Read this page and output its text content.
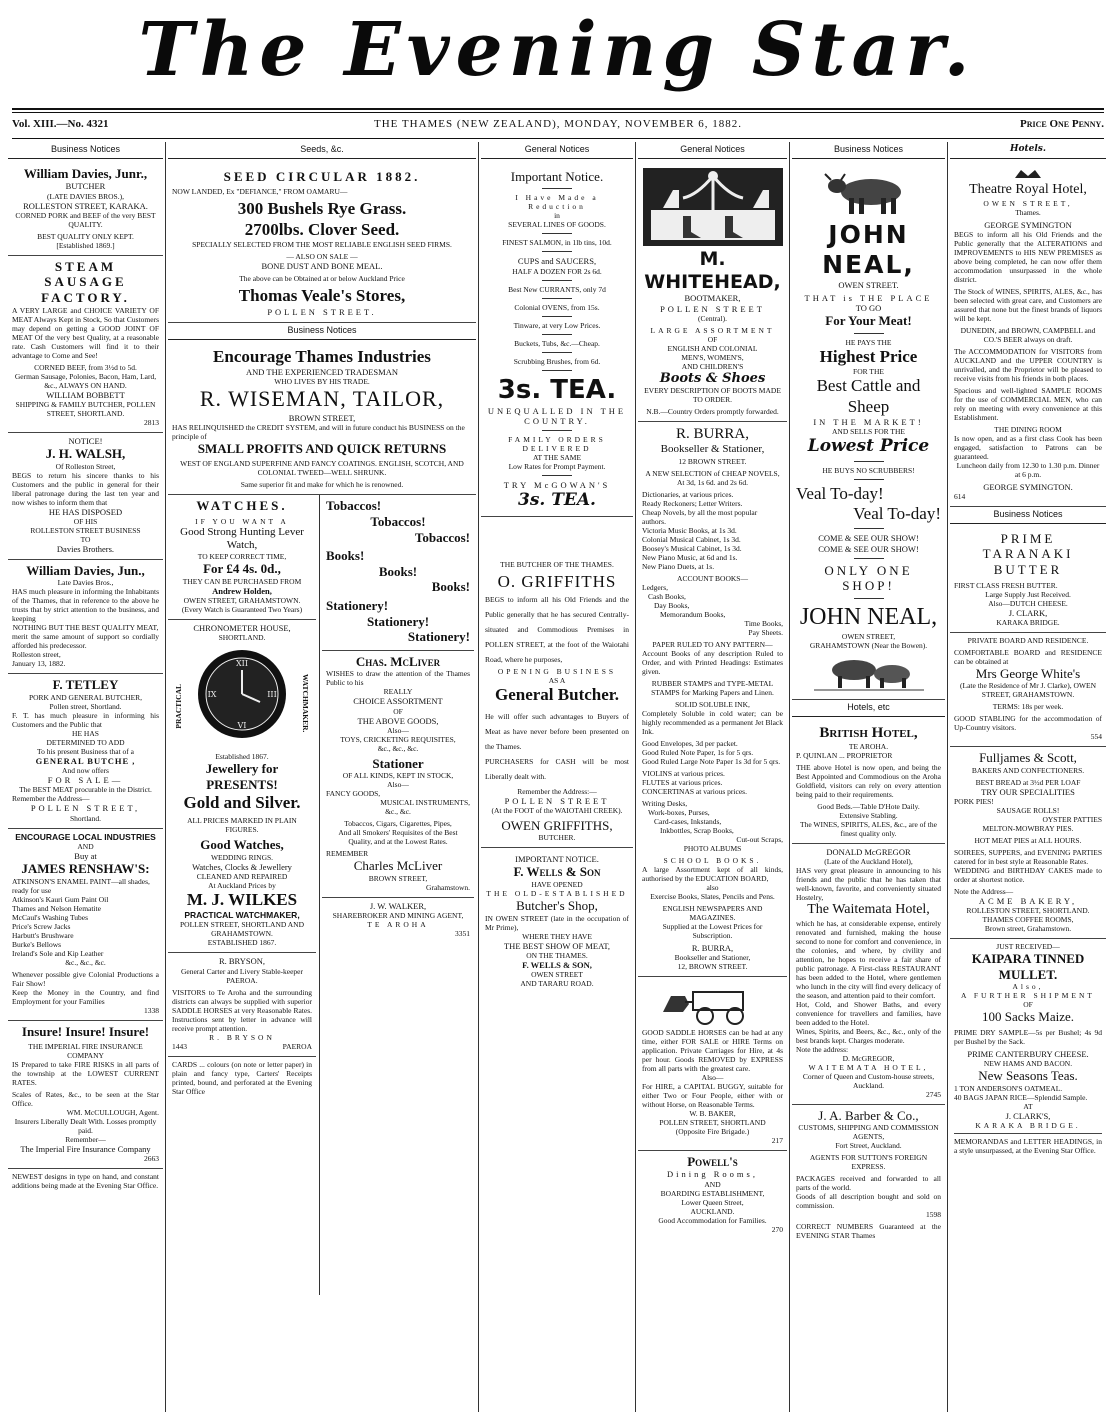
The Evening Star.
Vol. XIII.—No. 4321	THE THAMES (NEW ZEALAND), MONDAY, NOVEMBER 6, 1882.	Price One Penny.
Business Notices
William Davies, Junr.,
BUTCHER
(LATE DAVIES BROS.),
ROLLESTON STREET, KARAKA.
CORNED PORK and BEEF of the very BEST QUALITY.
BEST QUALITY ONLY KEPT.
[Established 1869.]
STEAM SAUSAGE FACTORY.
A VERY LARGE and CHOICE VARIETY OF MEAT Always Kept in Stock, So that Customers may depend on getting a GOOD JOINT OF MEAT Of the very best Quality, at a reasonable rate. Cash Customers will find it to their advantage to Come and See!
CORNED BEEF, from 3½d to 5d.
German Sausage, Polonies, Bacon, Ham, Lard, &c., ALWAYS ON HAND.
WILLIAM BOBBETT
SHIPPING & FAMILY BUTCHER, POLLEN STREET, SHORTLAND.
2813
NOTICE!
J. H. WALSH,
Of Rolleston Street,
BEGS to return his sincere thanks to his Customers and the public in general for their liberal patronage during the last ten year and now wishes to inform them that
HE HAS DISPOSED
OF HIS
ROLLESTON STREET BUSINESS
TO
Davies Brothers.
William Davies, Jun.,
Late Davies Bros.,
HAS much pleasure in informing the Inhabitants of the Thames, that in reference to the above he trusts that by strict attention to the business, and keeping
NOTHING BUT THE BEST QUALITY MEAT,
merit the same amount of support so cordially afforded his predecessor.
Rolleston street,
January 13, 1882.
F. TETLEY
PORK AND GENERAL BUTCHER,
Pollen street, Shortland.
F. T. has much pleasure in informing his Customers and the Public that
HE HAS
DETERMINED TO ADD
To his present Business that of a
GENERAL BUTCHE ,
And now offers
FOR SALE—
The BEST MEAT procurable in the District.
Remember the Address—
POLLEN STREET,
Shortland.
ENCOURAGE LOCAL INDUSTRIES
AND
Buy at
JAMES RENSHAW'S:
ATKINSON'S ENAMEL PAINT—all shades, ready for use
Atkinson's Kauri Gum Paint Oil
Thames and Nelson Hematite
McCaul's Washing Tubes
Price's Screw Jacks
Harbutt's Brushware
Burke's Bellows
Ireland's Sole and Kip Leather
&c., &c., &c.
Whenever possible give Colonial Productions a Fair Show!
Keep the Money in the Country, and find Employment for your Families
1338
Insure! Insure! Insure!
THE IMPERIAL FIRE INSURANCE COMPANY
IS Prepared to take FIRE RISKS in all parts of the township at the LOWEST CURRENT RATES.
Scales of Rates, &c., to be seen at the Star Office.
WM. McCULLOUGH, Agent.
Insurers Liberally Dealt With. Losses promptly paid.
Remember—
The Imperial Fire Insurance Company
2663
NEWEST designs in type on hand, and constant additions being made at the Evening Star Office.
Seeds, &c.
SEED CIRCULAR 1882.
NOW LANDED, Ex "DEFIANCE," FROM OAMARU—
300 Bushels Rye Grass.
2700lbs. Clover Seed.
SPECIALLY SELECTED FROM THE MOST RELIABLE ENGLISH SEED FIRMS.
— ALSO ON SALE —
BONE DUST AND BONE MEAL.
The above can be Obtained at or below Auckland Price
Thomas Veale's Stores,
POLLEN STREET.
Business Notices
Encourage Thames Industries
AND THE EXPERIENCED TRADESMAN
WHO LIVES BY HIS TRADE.
R. WISEMAN, TAILOR,
BROWN STREET,
HAS RELINQUISHED the CREDIT SYSTEM, and will in future conduct his BUSINESS on the principle of
SMALL PROFITS AND QUICK RETURNS
WEST OF ENGLAND SUPERFINE AND FANCY COATINGS. ENGLISH, SCOTCH, AND COLONIAL TWEED—WELL SHRUNK.
Same superior fit and make for which he is renowned.
WATCHES.
IF YOU WANT A
Good Strong Hunting Lever Watch,
TO KEEP CORRECT TIME,
For £4 4s. 0d.,
THEY CAN BE PURCHASED FROM
Andrew Holden,
OWEN STREET, GRAHAMSTOWN.
(Every Watch is Guaranteed Two Years)
CHRONOMETER HOUSE,
SHORTLAND.
PRACTICAL
XII
III
VI
IX	WATCHMAKER.
Established 1867.
Jewellery for PRESENTS!
Gold and Silver.
ALL PRICES MARKED IN PLAIN FIGURES.
Good Watches,
WEDDING RINGS.
Watches, Clocks & Jewellery
CLEANED AND REPAIRED
At Auckland Prices by
M. J. WILKES
PRACTICAL WATCHMAKER,
POLLEN STREET, SHORTLAND AND GRAHAMSTOWN.
ESTABLISHED 1867.
R. BRYSON,
General Carter and Livery Stable-keeper PAEROA.
VISITORS to Te Aroha and the surrounding districts can always be supplied with superior SADDLE HORSES at very Reasonable Rates. Instructions sent by letter in advance will receive prompt attention.
R. BRYSON
1443	PAEROA
CARDS ... colours (on note or letter paper) in plain and fancy type, Carters' Receipts printed, bound, and perforated at the Evening Star Office
Tobaccos!
Tobaccos!
Tobaccos!
Books!
Books!
Books!
Stationery!
Stationery!
Stationery!
Chas. McLiver
WISHES to draw the attention of the Thames Public to his
REALLY
CHOICE ASSORTMENT
OF
THE ABOVE GOODS,
Also—
TOYS, CRICKETING REQUISITES,
&c., &c., &c.
Stationer
OF ALL KINDS, KEPT IN STOCK,
Also—
FANCY GOODS,
MUSICAL INSTRUMENTS,
&c., &c.
Tobaccos, Cigars, Cigarettes, Pipes,
And all Smokers' Requisites of the Best Quality, and at the Lowest Rates.
REMEMBER
Charles McLiver
BROWN STREET,
Grahamstown.
J. W. WALKER,
SHAREBROKER AND MINING AGENT,
TE AROHA
3351
General Notices
Important Notice.
I Have Made a Reduction
in
SEVERAL LINES OF GOODS.
FINEST SALMON, in 1lb tins, 10d.
CUPS and SAUCERS,
HALF A DOZEN FOR 2s 6d.
Best New CURRANTS, only 7d
Colonial OVENS, from 15s.
Tinware, at very Low Prices.
Buckets, Tubs, &c.—Cheap.
Scrubbing Brushes, from 6d.
3s. TEA.
UNEQUALLED IN THE COUNTRY.
FAMILY ORDERS DELIVERED
AT THE SAME
Low Rates for Prompt Payment.
TRY McGOWAN'S
3s. TEA.
THE BUTCHER OF THE THAMES.
O. GRIFFITHS
BEGS to inform all his Old Friends and the Public generally that he has secured Centrally-situated and Commodious Premises in POLLEN STREET, at the foot of the Waiotahi Road, where he purposes,
OPENING BUSINESS
AS A
General Butcher.
He will offer such advantages to Buyers of Meat as have never before been presented on the Thames.
PURCHASERS for CASH will be most Liberally dealt with.
Remember the Address:—
POLLEN STREET
(At the FOOT of the WAIOTAHI CREEK).
OWEN GRIFFITHS,
BUTCHER.
IMPORTANT NOTICE.
F. Wells & Son
HAVE OPENED
THE OLD-ESTABLISHED
Butcher's Shop,
IN OWEN STREET (late in the occupation of Mr Prime),
WHERE THEY HAVE
THE BEST SHOW OF MEAT,
ON THE THAMES.
F. WELLS & SON,
OWEN STREET
AND TARARU ROAD.
General Notices
M. WHITEHEAD,
BOOTMAKER,
POLLEN STREET
(Central).
LARGE ASSORTMENT
OF
ENGLISH AND COLONIAL
MEN'S, WOMEN'S,
AND CHILDREN'S
Boots & Shoes
EVERY DESCRIPTION OF BOOTS MADE TO ORDER.
N.B.—Country Orders promptly forwarded.
R. BURRA,
Bookseller & Stationer,
12 BROWN STREET.
A NEW SELECTION of CHEAP NOVELS,
At 3d, 1s 6d. and 2s 6d.
Dictionaries, at various prices.
Ready Reckoners; Letter Writers.
Cheap Novels, by all the most popular authors.
Victoria Music Books, at 1s 3d.
Colonial Musical Cabinet, 1s 3d.
Boosey's Musical Cabinet, 1s 3d.
New Piano Music, at 6d and 1s.
New Piano Duets, at 1s.
ACCOUNT BOOKS—
Ledgers,
Cash Books,
Day Books,
Memorandum Books,
Time Books,
Pay Sheets.
PAPER RULED TO ANY PATTERN—
Account Books of any description Ruled to Order, and with Printed Headings: Estimates given.
RUBBER STAMPS and TYPE-METAL STAMPS for Marking Papers and Linen.
SOLID SOLUBLE INK,
Completely Soluble in cold water; can be highly recommended as a permanent Jet Black Ink.
Good Envelopes, 3d per packet.
Good Ruled Note Paper, 1s for 5 qrs.
Good Ruled Large Note Paper 1s 3d for 5 qrs.
VIOLINS at various prices.
FLUTES at various prices.
CONCERTINAS at various prices.
Writing Desks,
Work-boxes, Purses,
Card-cases, Inkstands,
Inkbottles, Scrap Books,
Cut-out Scraps,
PHOTO ALBUMS
SCHOOL BOOKS.
A large Assortment kept of all kinds, authorised by the EDUCATION BOARD,
also
Exercise Books, Slates, Pencils and Pens.
ENGLISH NEWSPAPERS AND MAGAZINES.
Supplied at the Lowest Prices for Subscription.
R. BURRA,
Bookseller and Stationer,
12, BROWN STREET.
GOOD SADDLE HORSES can be had at any time, either FOR SALE or HIRE Terms on application. Private Carriages for Hire, at 4s per hour. Goods REMOVED by EXPRESS from all parts with the greatest care.
Also—
For HIRE, a CAPITAL BUGGY, suitable for either Two or Four People, either with or without Horse, on Reasonable Terms.
W. B. BAKER,
POLLEN STREET, SHORTLAND
(Opposite Fire Brigade.)
217
Powell's
Dining Rooms,
AND
BOARDING ESTABLISHMENT,
Lower Queen Street,
AUCKLAND.
Good Accommodation for Families.
270
Business Notices
JOHN NEAL,
OWEN STREET.
THAT is THE PLACE
TO GO
For Your Meat!
HE PAYS THE
Highest Price
FOR THE
Best Cattle and Sheep
IN THE MARKET!
AND SELLS FOR THE
Lowest Price
HE BUYS NO SCRUBBERS!
Veal To-day!
Veal To-day!
COME & SEE OUR SHOW!
COME & SEE OUR SHOW!
ONLY ONE SHOP!
JOHN NEAL,
OWEN STREET,
GRAHAMSTOWN (Near the Bowen).
Hotels, etc
British Hotel,
TE AROHA.
P. QUINLAN ... PROPRIETOR
THE above Hotel is now open, and being the Best Appointed and Commodious on the Aroha Goldfield, visitors can rely on every attention being paid to their requirements.
Good Beds.—Table D'Hote Daily.
Extensive Stabling.
The WINES, SPIRITS, ALES, &c., are of the finest quality only.
DONALD McGREGOR
(Late of the Auckland Hotel),
HAS very great pleasure in announcing to his friends and the public that he has taken that well-known, favorite, and conveniently situated Hostelry,
The Waitemata Hotel,
which he has, at considerable expense, entirely renovated and furnished, making the house second to none for comfort and convenience, in the colonies, and where, by civility and attention, he hopes to receive a fair share of public patronage. A First-class RESTAURANT has been added to the Hotel, where gentlemen who lunch in the city will find every delicacy of the season, and attention paid to their comfort.
Hot, Cold, and Shower Baths, and every convenience for travellers and families, have been added to the Hotel.
Wines, Spirits, and Beers, &c., &c., only of the best brands kept. Charges moderate.
Note the address:
D. McGREGOR,
WAITEMATA HOTEL,
Corner of Queen and Custom-house streets, Auckland.
2745
J. A. Barber & Co.,
CUSTOMS, SHIPPING AND COMMISSION AGENTS,
Fort Street, Auckland.
AGENTS FOR SUTTON'S FOREIGN EXPRESS.
PACKAGES received and forwarded to all parts of the world.
Goods of all description bought and sold on commission.
1598
CORRECT NUMBERS Guaranteed at the EVENING STAR Thames
Hotels.
Theatre Royal Hotel,
OWEN STREET,
Thames.
GEORGE SYMINGTON
BEGS to inform all his Old Friends and the Public generally that the ALTERATIONS and IMPROVEMENTS to HIS NEW PREMISES as above being completed, he can now offer them accommodation unsurpassed in the whole district.
The Stock of WINES, SPIRITS, ALES, &c., has been selected with great care, and Customers are assured that none but the finest brands of liquors will be kept.
DUNEDIN, and BROWN, CAMPBELL and CO.'S BEER always on draft.
The ACCOMMODATION for VISITORS from AUCKLAND and the UPPER COUNTRY is unrivalled, and the Proprietor will be pleased to receive visits from his friends in both places.
Spacious and well-lighted SAMPLE ROOMS for the use of COMMERCIAL MEN, who can rely on meeting with every convenience at this Establishment.
THE DINING ROOM
Is now open, and as a first class Cook has been engaged, satisfaction to Patrons can be guaranteed.
Luncheon daily from 12.30 to 1.30 p.m. Dinner at 6 p.m.
GEORGE SYMINGTON.
614
Business Notices
PRIME TARANAKI BUTTER
FIRST CLASS FRESH BUTTER.
Large Supply Just Received.
Also—DUTCH CHEESE.
J. CLARK,
KARAKA BRIDGE.
PRIVATE BOARD AND RESIDENCE.
COMFORTABLE BOARD and RESIDENCE can be obtained at
Mrs George White's
(Late the Residence of Mr J. Clarke), OWEN STREET, GRAHAMSTOWN.
TERMS: 18s per week.
GOOD STABLING for the accommodation of Up-Country visitors.
554
Fulljames & Scott,
BAKERS AND CONFECTIONERS.
BEST BREAD at 3½d PER LOAF
TRY OUR SPECIALITIES
PORK PIES!
SAUSAGE ROLLS!
OYSTER PATTIES
MELTON-MOWBRAY PIES.
HOT MEAT PIES at ALL HOURS.
SOIREES, SUPPERS, and EVENING PARTIES catered for in best style at Reasonable Rates.
WEDDING and BIRTHDAY CAKES made to order at shortest notice.
Note the Address—
ACME BAKERY,
ROLLESTON STREET, SHORTLAND.
THAMES COFFEE ROOMS,
Brown street, Grahamstown.
JUST RECEIVED—
KAIPARA TINNED MULLET.
Also,
A FURTHER SHIPMENT
OF
100 Sacks Maize.
PRIME DRY SAMPLE—5s per Bushel; 4s 9d per Bushel by the Sack.
PRIME CANTERBURY CHEESE.
NEW HAMS AND BACON.
New Seasons Teas.
1 TON ANDERSON'S OATMEAL.
40 BAGS JAPAN RICE—Splendid Sample.
AT
J. CLARK'S,
KARAKA BRIDGE.
MEMORANDAS and LETTER HEADINGS, in a style unsurpassed, at the Evening Star Office.
